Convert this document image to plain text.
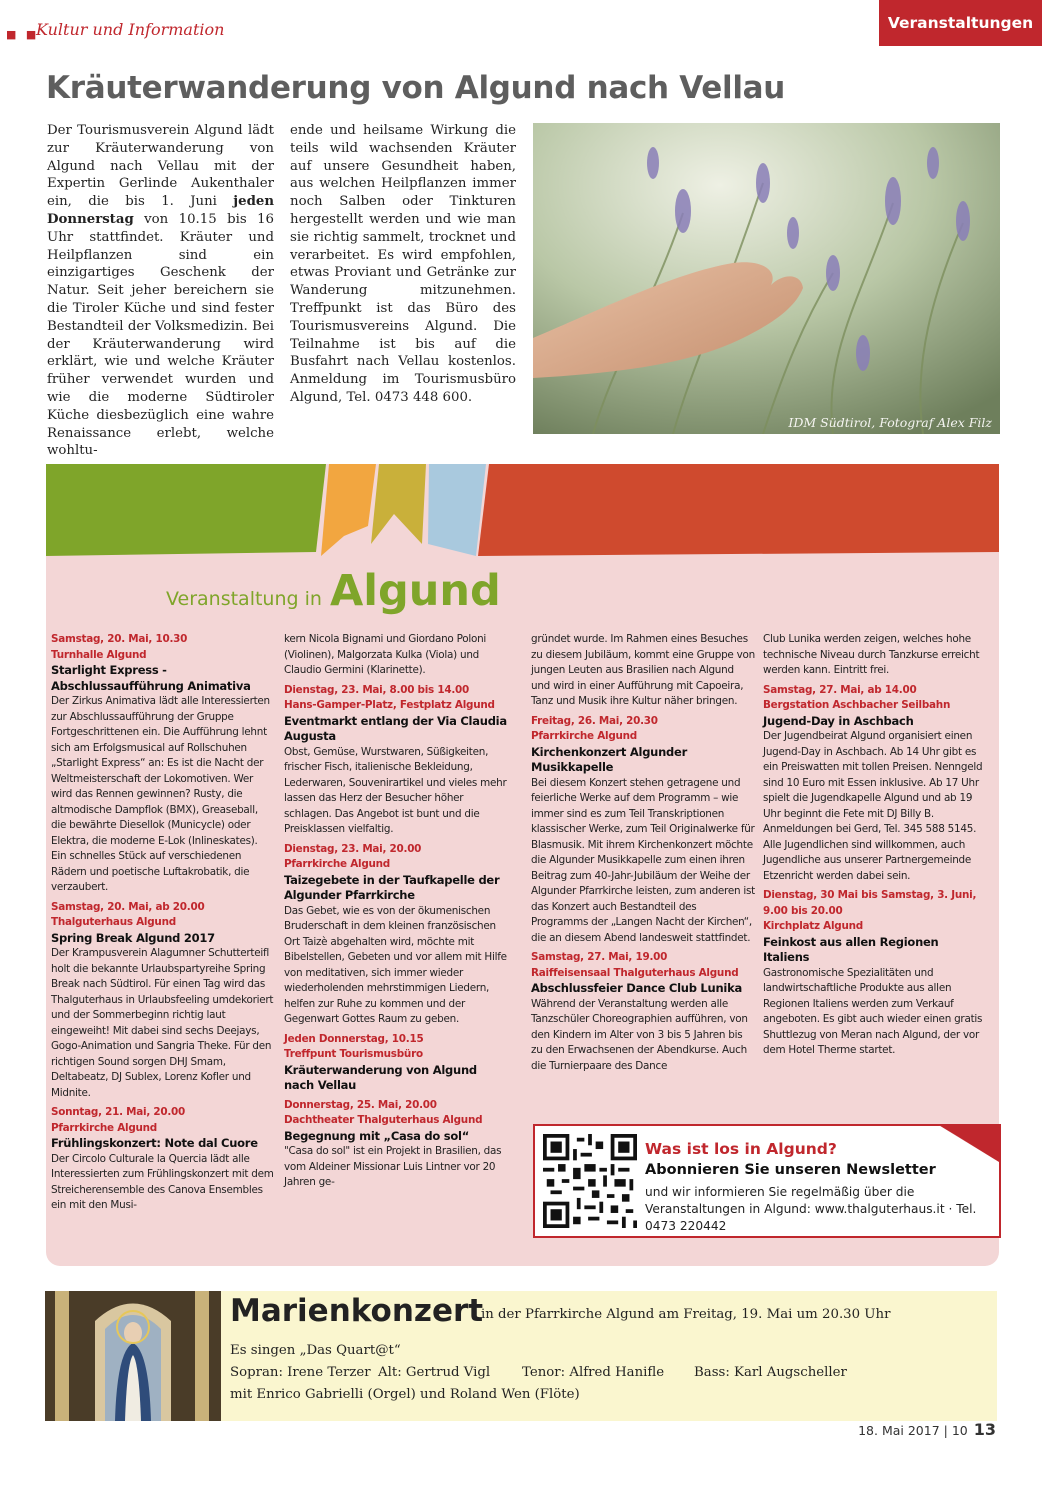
■ ■
Kultur und Information	Veranstaltungen
Kräuterwanderung von Algund nach Vellau
Der Tourismusverein Algund lädt zur Kräuterwanderung von Algund nach Vellau mit der Expertin Gerlinde Aukenthaler ein, die bis 1. Juni jeden Donnerstag von 10.15 bis 16 Uhr stattfindet. Kräuter und Heilpflanzen sind ein einzigartiges Geschenk der Natur. Seit jeher bereichern sie die Tiroler Küche und sind fester Bestandteil der Volksmedizin. Bei der Kräuterwanderung wird erklärt, wie und welche Kräuter früher verwendet wurden und wie die moderne Südtiroler Küche diesbezüglich eine wahre Renaissance erlebt, welche wohltu-
ende und heilsame Wirkung die teils wild wachsenden Kräuter auf unsere Gesundheit haben, aus welchen Heilpflanzen immer noch Salben oder Tinkturen hergestellt werden und wie man sie richtig sammelt, trocknet und verarbeitet. Es wird empfohlen, etwas Proviant und Getränke zur Wanderung mitzunehmen. Treffpunkt ist das Büro des Tourismusvereins Algund. Die Teilnahme ist bis auf die Busfahrt nach Vellau kostenlos. Anmeldung im Tourismusbüro Algund, Tel. 0473 448 600.
IDM Südtirol, Fotograf Alex Filz
Veranstaltung in Algund
Samstag, 20. Mai, 10.30
Turnhalle Algund
Starlight Express - Abschlussaufführung Animativa
Der Zirkus Animativa lädt alle Interessierten zur Abschlussaufführung der Gruppe Fortgeschrittenen ein. Die Aufführung lehnt sich am Erfolgsmusical auf Rollschuhen „Starlight Express“ an: Es ist die Nacht der Weltmeisterschaft der Lokomotiven. Wer wird das Rennen gewinnen? Rusty, die altmodische Dampflok (BMX), Greaseball, die bewährte Diesellok (Municycle) oder Elektra, die moderne E-Lok (Inlineskates). Ein schnelles Stück auf verschiedenen Rädern und poetische Luftakrobatik, die verzaubert.
Samstag, 20. Mai, ab 20.00
Thalguterhaus Algund
Spring Break Algund 2017
Der Krampusverein Alagumner Schutterteifl holt die bekannte Urlaubspartyreihe Spring Break nach Südtirol. Für einen Tag wird das Thalguterhaus in Urlaubsfeeling umdekoriert und der Sommerbeginn richtig laut eingeweiht! Mit dabei sind sechs Deejays, Gogo-Animation und Sangria Theke. Für den richtigen Sound sorgen DHJ Smam, Deltabeatz, DJ Sublex, Lorenz Kofler und Midnite.
Sonntag, 21. Mai, 20.00
Pfarrkirche Algund
Frühlingskonzert: Note dal Cuore
Der Circolo Culturale la Quercia lädt alle Interessierten zum Frühlingskonzert mit dem Streicherensemble des Canova Ensembles ein mit den Musi-
kern Nicola Bignami und Giordano Poloni (Violinen), Malgorzata Kulka (Viola) und Claudio Germini (Klarinette).
Dienstag, 23. Mai, 8.00 bis 14.00
Hans-Gamper-Platz, Festplatz Algund
Eventmarkt entlang der Via Claudia Augusta
Obst, Gemüse, Wurstwaren, Süßigkeiten, frischer Fisch, italienische Bekleidung, Lederwaren, Souvenirartikel und vieles mehr lassen das Herz der Besucher höher schlagen. Das Angebot ist bunt und die Preisklassen vielfaltig.
Dienstag, 23. Mai, 20.00
Pfarrkirche Algund
Taizegebete in der Taufkapelle der Algunder Pfarrkirche
Das Gebet, wie es von der ökumenischen Bruderschaft in dem kleinen französischen Ort Taizè abgehalten wird, möchte mit Bibelstellen, Gebeten und vor allem mit Hilfe von meditativen, sich immer wieder wiederholenden mehrstimmigen Liedern, helfen zur Ruhe zu kommen und der Gegenwart Gottes Raum zu geben.
Jeden Donnerstag, 10.15
Treffpunt Tourismusbüro
Kräuterwanderung von Algund nach Vellau
Donnerstag, 25. Mai, 20.00
Dachtheater Thalguterhaus Algund
Begegnung mit „Casa do sol“
"Casa do sol" ist ein Projekt in Brasilien, das vom Aldeiner Missionar Luis Lintner vor 20 Jahren ge-
gründet wurde. Im Rahmen eines Besuches zu diesem Jubiläum, kommt eine Gruppe von jungen Leuten aus Brasilien nach Algund und wird in einer Aufführung mit Capoeira, Tanz und Musik ihre Kultur näher bringen.
Freitag, 26. Mai, 20.30
Pfarrkirche Algund
Kirchenkonzert Algunder Musikkapelle
Bei diesem Konzert stehen getragene und feierliche Werke auf dem Programm – wie immer sind es zum Teil Transkriptionen klassischer Werke, zum Teil Originalwerke für Blasmusik. Mit ihrem Kirchenkonzert möchte die Algunder Musikkapelle zum einen ihren Beitrag zum 40-Jahr-Jubiläum der Weihe der Algunder Pfarrkirche leisten, zum anderen ist das Konzert auch Bestandteil des Programms der „Langen Nacht der Kirchen“, die an diesem Abend landesweit stattfindet.
Samstag, 27. Mai, 19.00
Raiffeisensaal Thalguterhaus Algund
Abschlussfeier Dance Club Lunika
Während der Veranstaltung werden alle Tanzschüler Choreographien aufführen, von den Kindern im Alter von 3 bis 5 Jahren bis zu den Erwachsenen der Abendkurse. Auch die Turnierpaare des Dance
Club Lunika werden zeigen, welches hohe technische Niveau durch Tanzkurse erreicht werden kann. Eintritt frei.
Samstag, 27. Mai, ab 14.00
Bergstation Aschbacher Seilbahn
Jugend-Day in Aschbach
Der Jugendbeirat Algund organisiert einen Jugend-Day in Aschbach. Ab 14 Uhr gibt es ein Preiswatten mit tollen Preisen. Nenngeld sind 10 Euro mit Essen inklusive. Ab 17 Uhr spielt die Jugendkapelle Algund und ab 19 Uhr beginnt die Fete mit DJ Billy B. Anmeldungen bei Gerd, Tel. 345 588 5145. Alle Jugendlichen sind willkommen, auch Jugendliche aus unserer Partnergemeinde Etzenricht werden dabei sein.
Dienstag, 30 Mai bis Samstag, 3. Juni, 9.00 bis 20.00
Kirchplatz Algund
Feinkost aus allen Regionen Italiens
Gastronomische Spezialitäten und landwirtschaftliche Produkte aus allen Regionen Italiens werden zum Verkauf angeboten. Es gibt auch wieder einen gratis Shuttlezug von Meran nach Algund, der vor dem Hotel Therme startet.
Was ist los in Algund?
Abonnieren Sie unseren Newsletter
und wir informieren Sie regelmäßig über die Veranstaltungen in Algund: www.thalguterhaus.it · Tel. 0473 220442
Marienkonzert
in der Pfarrkirche Algund am Freitag, 19. Mai um 20.30 Uhr
Es singen „Das Quart@t“
Sopran: Irene Terzer Alt: Gertrud Vigl Tenor: Alfred Hanifle Bass: Karl Augscheller
mit Enrico Gabrielli (Orgel) und Roland Wen (Flöte)
18. Mai 2017 | 10 13
